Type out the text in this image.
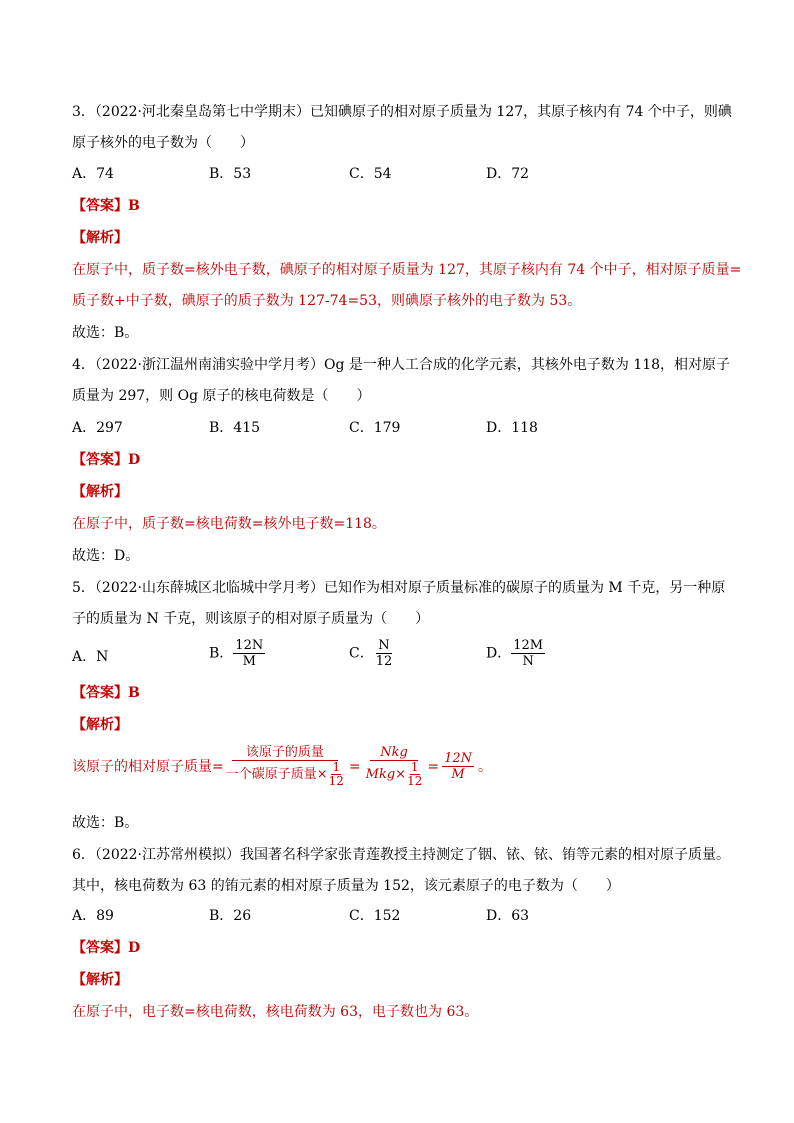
3．（2022·河北秦皇岛第七中学期末）已知碘原子的相对原子质量为 127，其原子核内有 74 个中子，则碘
原子核外的电子数为（　　）
A．74	B．53	C．54	D．72
【答案】B
【解析】
在原子中，质子数=核外电子数，碘原子的相对原子质量为 127，其原子核内有 74 个中子，相对原子质量=
质子数+中子数，碘原子的质子数为 127-74=53，则碘原子核外的电子数为 53。
故选：B。
4．（2022·浙江温州南浦实验中学月考）Og 是一种人工合成的化学元素，其核外电子数为 118，相对原子
质量为 297，则 Og 原子的核电荷数是（　　）
A．297	B．415	C．179	D．118
【答案】D
【解析】
在原子中，质子数=核电荷数=核外电子数=118。
故选：D。
5．（2022·山东薛城区北临城中学月考）已知作为相对原子质量标准的碳原子的质量为 M 千克，另一种原
子的质量为 N 千克，则该原子的相对原子质量为（　　）
A．N	B． $\frac{12N}{M}$	C． $\frac{N}{12}$	D． $\frac{12M}{N}$
【答案】B
【解析】
该原子的相对原子质量= $\frac{\text{该原子的质量}}{一个碳原子质量\times \frac{1}{12}} = \frac{\text{Nkg}}{Mkg\times \frac{1}{12}} = \frac{12N}{M}$ 。
故选：B。
6．（2022·江苏常州模拟）我国著名科学家张青莲教授主持测定了铟、铱、铱、铕等元素的相对原子质量。
其中，核电荷数为 63 的铕元素的相对原子质量为 152，该元素原子的电子数为（　　）
A．89	B．26	C．152	D．63
【答案】D
【解析】
在原子中，电子数=核电荷数，核电荷数为 63，电子数也为 63。
